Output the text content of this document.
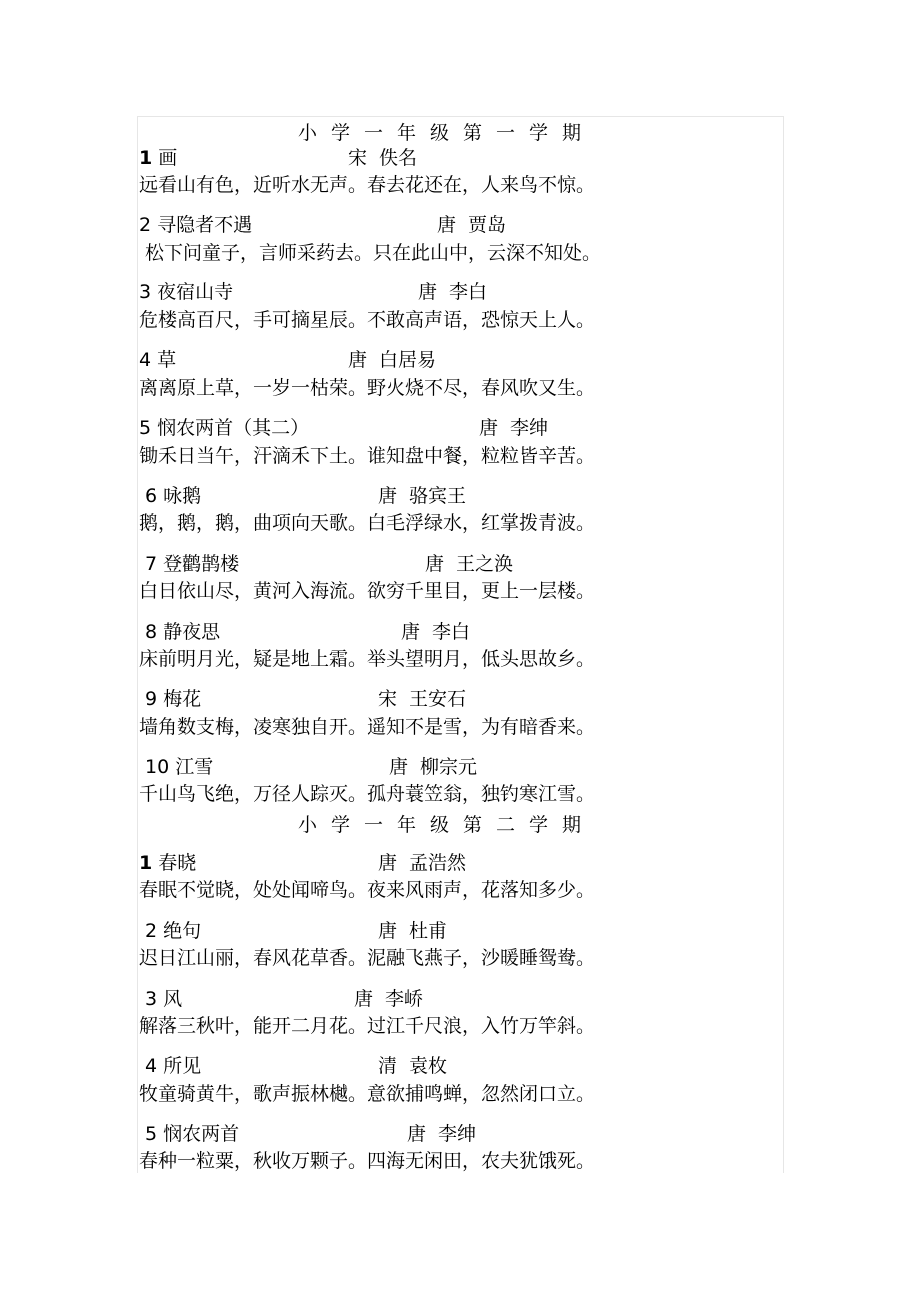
小学一年级第一学期
1 画	宋 佚名
远看山有色，近听水无声。春去花还在，人来鸟不惊。
2 寻隐者不遇	唐 贾岛
松下问童子，言师采药去。只在此山中，云深不知处。
3 夜宿山寺	唐 李白
危楼高百尺，手可摘星辰。不敢高声语，恐惊天上人。
4 草	唐 白居易
离离原上草，一岁一枯荣。野火烧不尽，春风吹又生。
5 悯农两首（其二）	唐 李绅
锄禾日当午，汗滴禾下土。谁知盘中餐，粒粒皆辛苦。
6 咏鹅	唐 骆宾王
鹅，鹅，鹅，曲项向天歌。白毛浮绿水，红掌拨青波。
7 登鹳鹊楼	唐 王之涣
白日依山尽，黄河入海流。欲穷千里目，更上一层楼。
8 静夜思	唐 李白
床前明月光，疑是地上霜。举头望明月，低头思故乡。
9 梅花	宋 王安石
墙角数支梅，凌寒独自开。遥知不是雪，为有暗香来。
10 江雪	唐 柳宗元
千山鸟飞绝，万径人踪灭。孤舟蓑笠翁，独钓寒江雪。
小学一年级第二学期
1 春晓	唐 孟浩然
春眠不觉晓，处处闻啼鸟。夜来风雨声，花落知多少。
2 绝句	唐 杜甫
迟日江山丽，春风花草香。泥融飞燕子，沙暖睡鸳鸯。
3 风	唐 李峤
解落三秋叶，能开二月花。过江千尺浪，入竹万竿斜。
4 所见	清 袁枚
牧童骑黄牛，歌声振林樾。意欲捕鸣蝉，忽然闭口立。
5 悯农两首	唐 李绅
春种一粒粟，秋收万颗子。四海无闲田，农夫犹饿死。
